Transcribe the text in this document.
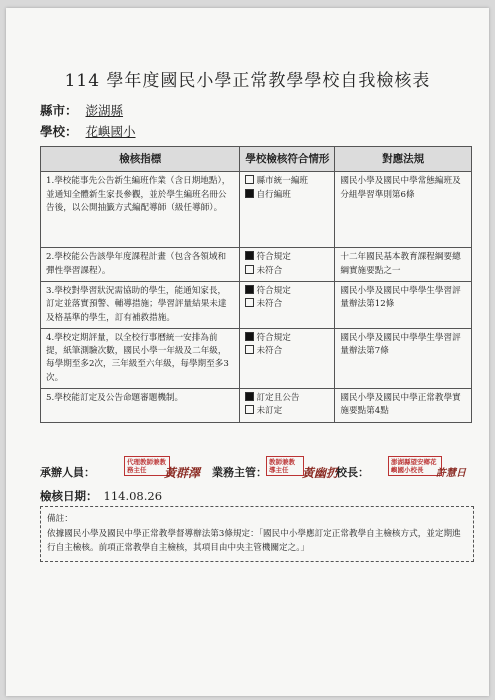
114 學年度國民小學正常教學學校自我檢核表
縣市： 澎湖縣
學校： 花嶼國小
檢核指標	學校檢核符合情形	對應法規
1.學校能事先公告新生編班作業（含日期地點），並通知全體新生家長參觀，並於學生編班名冊公告後，以公開抽籤方式編配導師（級任導師）。	縣市統一編班
自行編班	國民小學及國民中學常態編班及分組學習準則第6條
2.學校能公告該學年度課程計畫（包含各領域和彈性學習課程）。	符合規定
未符合	十二年國民基本教育課程綱要總綱實施要點之一
3.學校對學習狀況需協助的學生，能通知家長，訂定並落實預警、輔導措施；學習評量結果未達及格基準的學生，訂有補救措施。	符合規定
未符合	國民小學及國民中學學生學習評量辦法第12條
4.學校定期評量，以全校行事曆統一安排為前提，紙筆測驗次數，國民小學一年級及二年級，每學期至多2次，三年級至六年級，每學期至多3次。	符合規定
未符合	國民小學及國民中學學生學習評量辦法第7條
5.學校能訂定及公告命題審題機制。	訂定且公告
未訂定	國民小學及國民中學正常教學實施要點第4點
承辦人員：
代理教師兼教務主任	黃群澤 業務主管：
教師兼教導主任	黃幽扔
校長：
澎湖縣望安鄉花嶼國小校長	許慧日
檢核日期： 114.08.26
備註：
依據國民小學及國民中學正常教學督導辦法第3條規定：「國民中小學應訂定正常教學自主檢核方式，並定期進行自主檢核。前項正常教學自主檢核，其項目由中央主管機關定之。」
